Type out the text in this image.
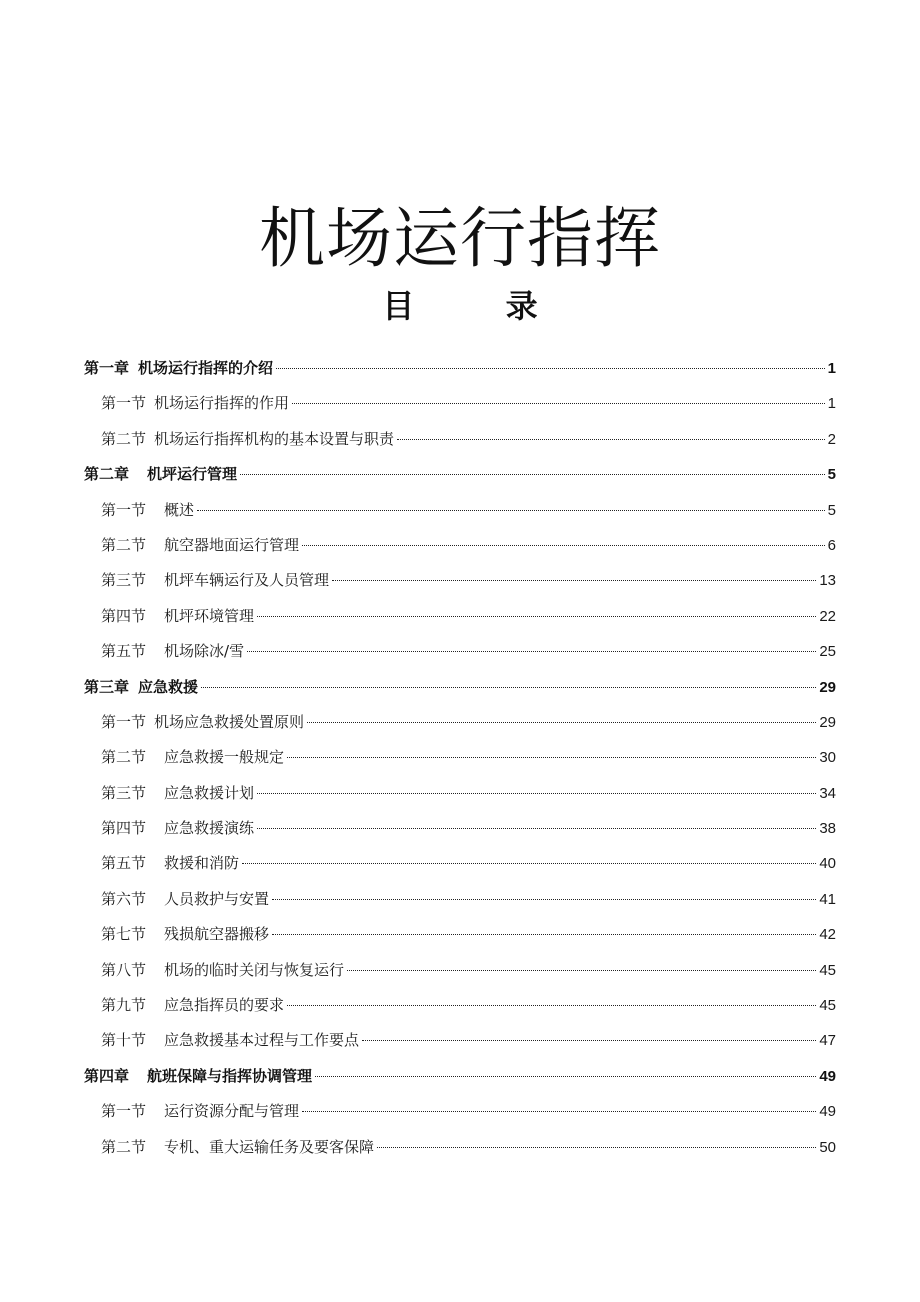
机场运行指挥
目 录
第一章 机场运行指挥的介绍	1
第一节 机场运行指挥的作用	1
第二节 机场运行指挥机构的基本设置与职责	2
第二章 机坪运行管理	5
第一节 概述	5
第二节 航空器地面运行管理	6
第三节 机坪车辆运行及人员管理	13
第四节 机坪环境管理	22
第五节 机场除冰/雪	25
第三章 应急救援	29
第一节 机场应急救援处置原则	29
第二节 应急救援一般规定	30
第三节 应急救援计划	34
第四节 应急救援演练	38
第五节 救援和消防	40
第六节 人员救护与安置	41
第七节 残损航空器搬移	42
第八节 机场的临时关闭与恢复运行	45
第九节 应急指挥员的要求	45
第十节 应急救援基本过程与工作要点	47
第四章 航班保障与指挥协调管理	49
第一节 运行资源分配与管理	49
第二节 专机、重大运输任务及要客保障	50
